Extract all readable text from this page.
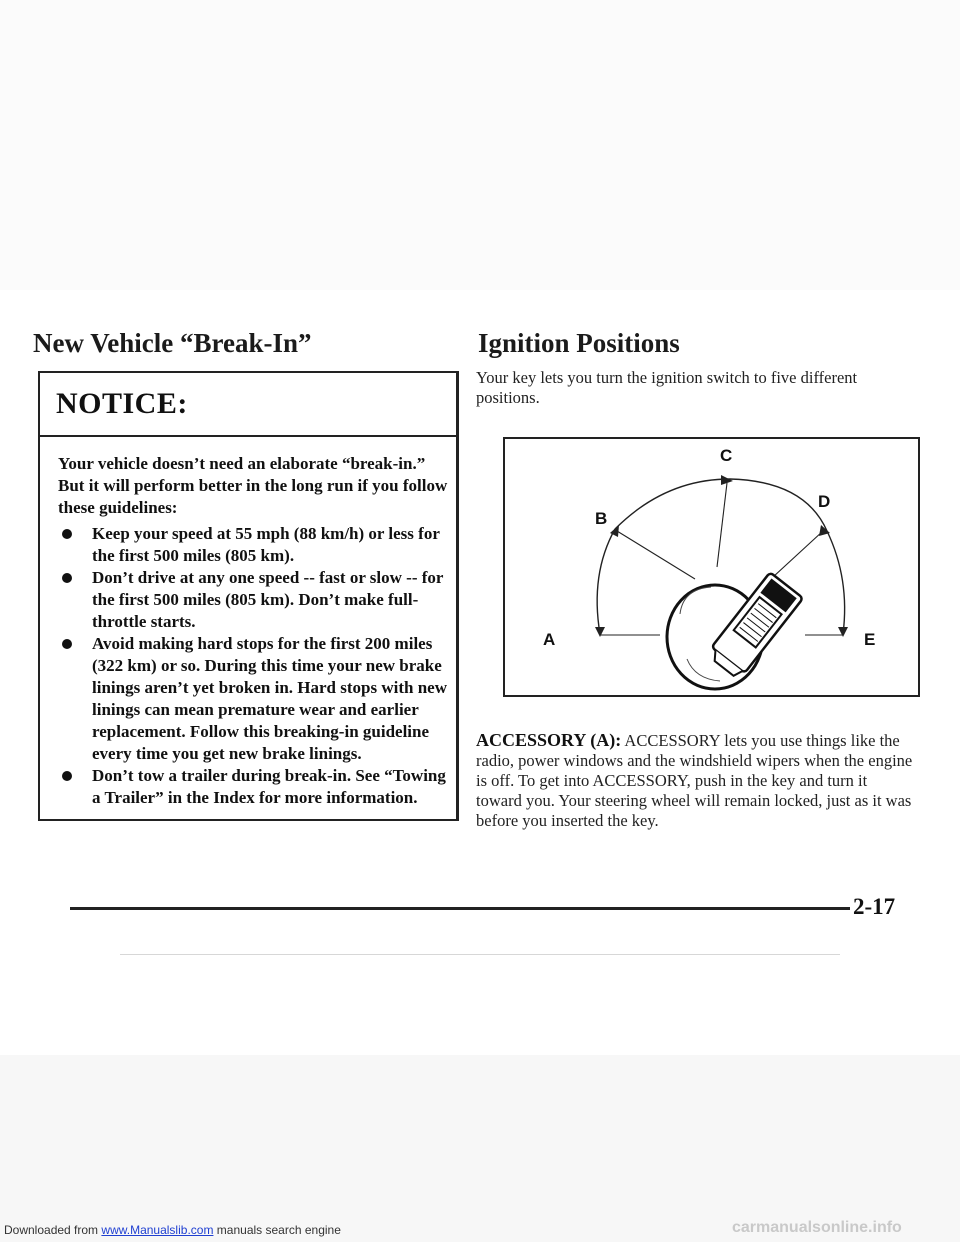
New Vehicle “Break-In”
NOTICE:

Your vehicle doesn’t need an elaborate “break-in.” But it will perform better in the long run if you follow these guidelines:

Keep your speed at 55 mph (88 km/h) or less for the first 500 miles (805 km).
Don’t drive at any one speed -- fast or slow -- for the first 500 miles (805 km). Don’t make full-throttle starts.
Avoid making hard stops for the first 200 miles (322 km) or so. During this time your new brake linings aren’t yet broken in. Hard stops with new linings can mean premature wear and earlier replacement. Follow this breaking-in guideline every time you get new brake linings.
Don’t tow a trailer during break-in. See “Towing a Trailer” in the Index for more information.
Ignition Positions

Your key lets you turn the ignition switch to five different positions.

C
D
B
A	E

ACCESSORY (A): ACCESSORY lets you use things like the radio, power windows and the windshield wipers when the engine is off. To get into ACCESSORY, push in the key and turn it toward you. Your steering wheel will remain locked, just as it was before you inserted the key.

2-17
Downloaded from www.Manualslib.com manuals search engine	carmanualsonline.info
